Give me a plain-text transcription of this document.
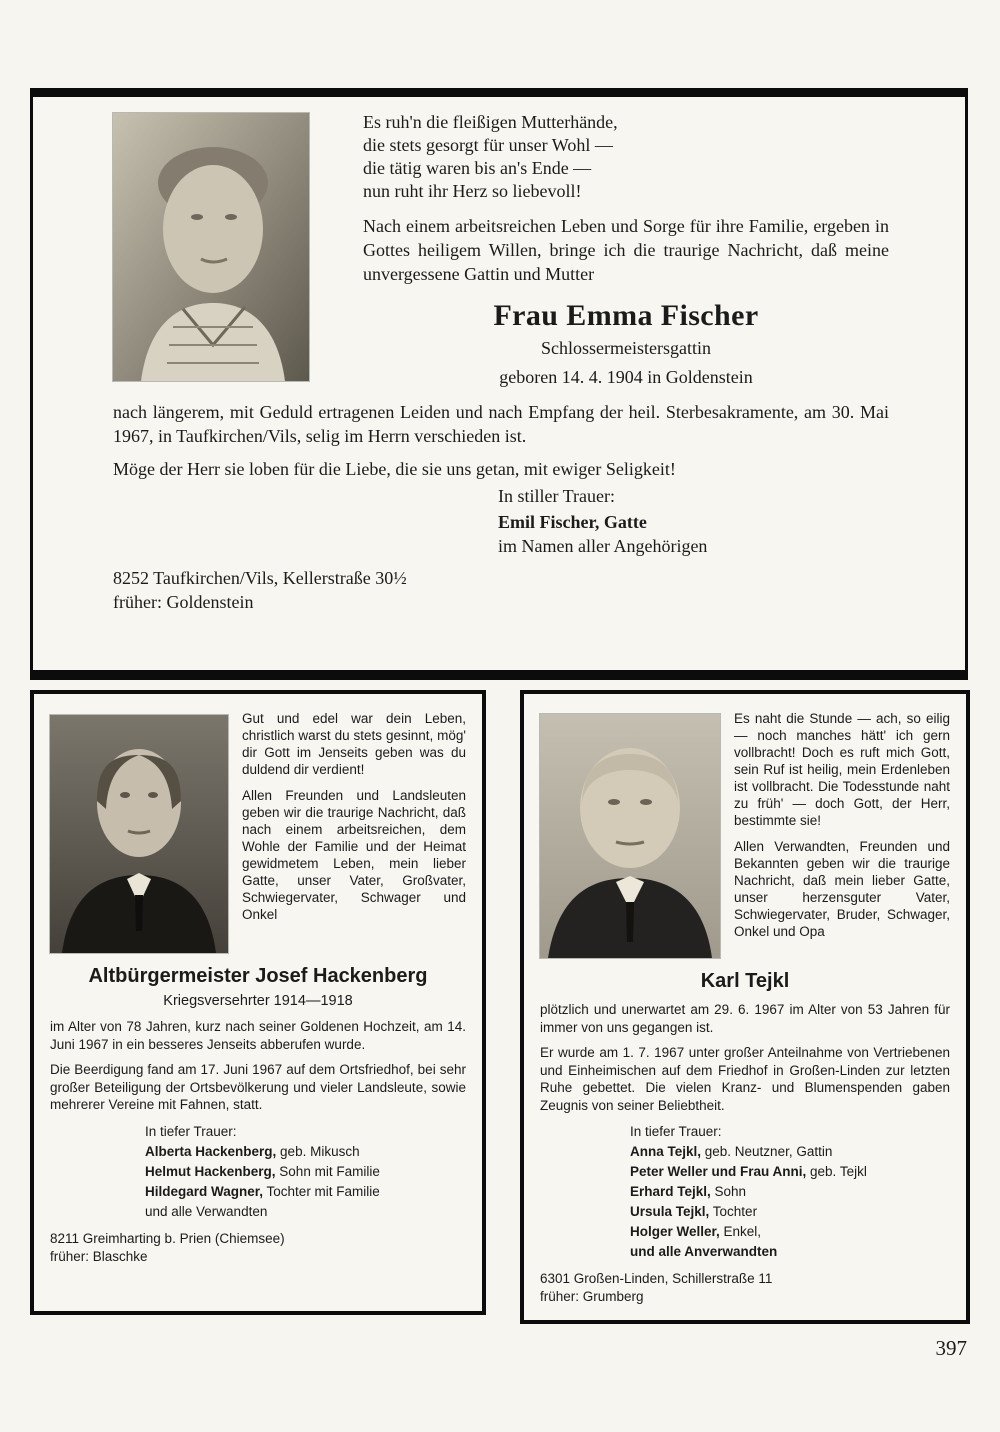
Es ruh'n die fleißigen Mutterhände,
die stets gesorgt für unser Wohl —
die tätig waren bis an's Ende —
nun ruht ihr Herz so liebevoll!

Nach einem arbeitsreichen Leben und Sorge für ihre Familie, ergeben in Gottes heiligem Willen, bringe ich die traurige Nachricht, daß meine unvergessene Gattin und Mutter

Frau Emma Fischer
Schlossermeistersgattin
geboren 14. 4. 1904 in Goldenstein

nach längerem, mit Geduld ertragenen Leiden und nach Empfang der heil. Sterbesakramente, am 30. Mai 1967, in Taufkirchen/Vils, selig im Herrn verschieden ist.

Möge der Herr sie loben für die Liebe, die sie uns getan, mit ewiger Seligkeit!

In stiller Trauer:
Emil Fischer, Gatte
im Namen aller Angehörigen
8252 Taufkirchen/Vils, Kellerstraße 30½
früher: Goldenstein
Gut und edel war dein Leben, christlich warst du stets gesinnt, mög' dir Gott im Jenseits geben was du duldend dir verdient!
Allen Freunden und Landsleuten geben wir die traurige Nachricht, daß nach einem arbeitsreichen, dem Wohle der Familie und der Heimat gewidmetem Leben, mein lieber Gatte, unser Vater, Großvater, Schwiegervater, Schwager und Onkel
Altbürgermeister Josef Hackenberg
Kriegsversehrter 1914—1918
im Alter von 78 Jahren, kurz nach seiner Goldenen Hochzeit, am 14. Juni 1967 in ein besseres Jenseits abberufen wurde.
Die Beerdigung fand am 17. Juni 1967 auf dem Ortsfriedhof, bei sehr großer Beteiligung der Ortsbevölkerung und vieler Landsleute, sowie mehrerer Vereine mit Fahnen, statt.
In tiefer Trauer:
Alberta Hackenberg, geb. Mikusch
Helmut Hackenberg, Sohn mit Familie
Hildegard Wagner, Tochter mit Familie
und alle Verwandten
8211 Greimharting b. Prien (Chiemsee)
früher: Blaschke
Es naht die Stunde — ach, so eilig — noch manches hätt' ich gern vollbracht! Doch es ruft mich Gott, sein Ruf ist heilig, mein Erdenleben ist vollbracht. Die Todesstunde naht zu früh' — doch Gott, der Herr, bestimmte sie!
Allen Verwandten, Freunden und Bekannten geben wir die traurige Nachricht, daß mein lieber Gatte, unser herzensguter Vater, Schwiegervater, Bruder, Schwager, Onkel und Opa
Karl Tejkl
plötzlich und unerwartet am 29. 6. 1967 im Alter von 53 Jahren für immer von uns gegangen ist.
Er wurde am 1. 7. 1967 unter großer Anteilnahme von Vertriebenen und Einheimischen auf dem Friedhof in Großen-Linden zur letzten Ruhe gebettet. Die vielen Kranz- und Blumenspenden gaben Zeugnis von seiner Beliebtheit.
In tiefer Trauer:
Anna Tejkl, geb. Neutzner, Gattin
Peter Weller und Frau Anni, geb. Tejkl
Erhard Tejkl, Sohn
Ursula Tejkl, Tochter
Holger Weller, Enkel,
und alle Anverwandten
6301 Großen-Linden, Schillerstraße 11
früher: Grumberg
397
